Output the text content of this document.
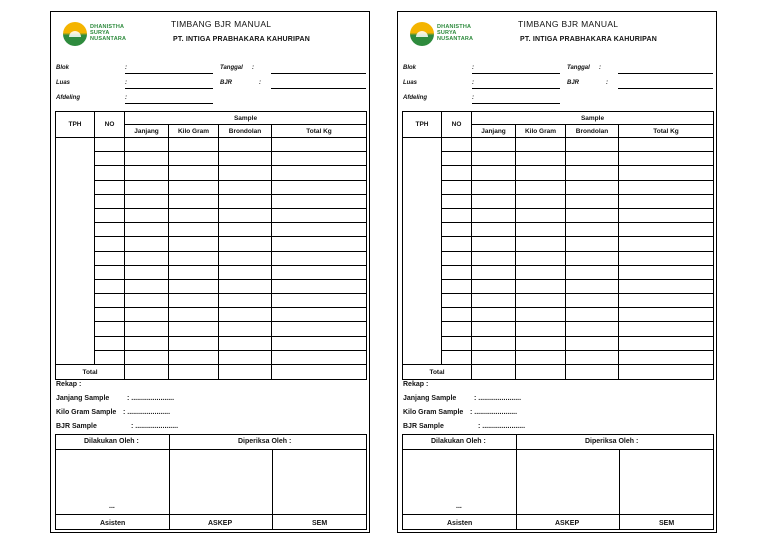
DHANISTHA
SURYA
NUSANTARA
TIMBANG BJR MANUAL
PT. INTIGA PRABHAKARA KAHURIPAN
Blok	:
Luas	:
Afdeling	:
Tanggal :
BJR	:
TPH	NO	Sample			
		Janjang	Kilo Gram	Brondolan	Total Kg

Total					
Rekap :
Janjang Sample	: ......................
Kilo Gram Sample : ......................
BJR Sample	: ......................
Dilakukan Oleh :	Diperiksa Oleh :
...
Asisten	ASKEP	SEM
DHANISTHA
SURYA
NUSANTARA
TIMBANG BJR MANUAL
PT. INTIGA PRABHAKARA KAHURIPAN
Blok	:
Luas	:
Afdeling	:
Tanggal :
BJR	:
TPH	NO	Sample			
		Janjang	Kilo Gram	Brondolan	Total Kg

Total					
Rekap :
Janjang Sample	: ......................
Kilo Gram Sample : ......................
BJR Sample	: ......................
Dilakukan Oleh :	Diperiksa Oleh :
...
Asisten	ASKEP	SEM
